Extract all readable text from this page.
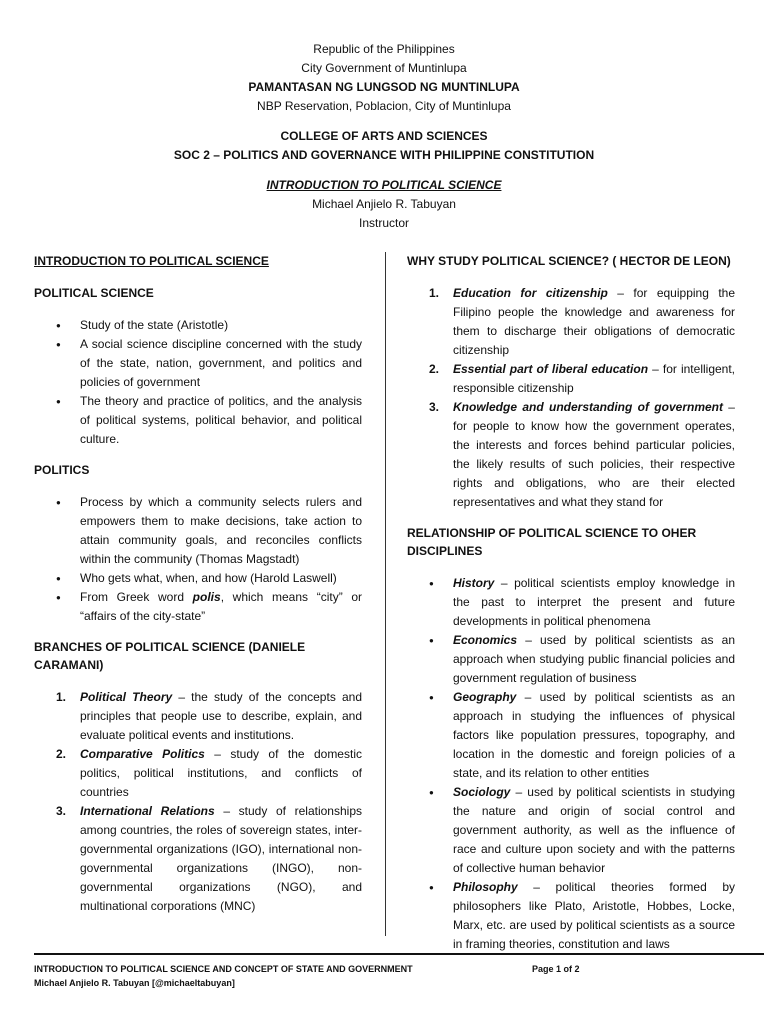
Republic of the Philippines
City Government of Muntinlupa
PAMANTASAN NG LUNGSOD NG MUNTINLUPA
NBP Reservation, Poblacion, City of Muntinlupa
COLLEGE OF ARTS AND SCIENCES
SOC 2 – POLITICS AND GOVERNANCE WITH PHILIPPINE CONSTITUTION
INTRODUCTION TO POLITICAL SCIENCE
Michael Anjielo R. Tabuyan
Instructor
INTRODUCTION TO POLITICAL SCIENCE
POLITICAL SCIENCE
● Study of the state (Aristotle)
● A social science discipline concerned with the study of the state, nation, government, and politics and policies of government
● The theory and practice of politics, and the analysis of political systems, political behavior, and political culture.
POLITICS
● Process by which a community selects rulers and empowers them to make decisions, take action to attain community goals, and reconciles conflicts within the community (Thomas Magstadt)
● Who gets what, when, and how (Harold Laswell)
● From Greek word polis, which means “city” or “affairs of the city-state”
BRANCHES OF POLITICAL SCIENCE (DANIELE CARAMANI)
1. Political Theory – the study of the concepts and principles that people use to describe, explain, and evaluate political events and institutions.
2. Comparative Politics – study of the domestic politics, political institutions, and conflicts of countries
3. International Relations – study of relationships among countries, the roles of sovereign states, inter-governmental organizations (IGO), international non-governmental organizations (INGO), non-governmental organizations (NGO), and multinational corporations (MNC)
WHY STUDY POLITICAL SCIENCE? ( HECTOR DE LEON)
1. Education for citizenship – for equipping the Filipino people the knowledge and awareness for them to discharge their obligations of democratic citizenship
2. Essential part of liberal education – for intelligent, responsible citizenship
3. Knowledge and understanding of government – for people to know how the government operates, the interests and forces behind particular policies, the likely results of such policies, their respective rights and obligations, who are their elected representatives and what they stand for
RELATIONSHIP OF POLITICAL SCIENCE TO OHER DISCIPLINES
● History – political scientists employ knowledge in the past to interpret the present and future developments in political phenomena
● Economics – used by political scientists as an approach when studying public financial policies and government regulation of business
● Geography – used by political scientists as an approach in studying the influences of physical factors like population pressures, topography, and location in the domestic and foreign policies of a state, and its relation to other entities
● Sociology – used by political scientists in studying the nature and origin of social control and government authority, as well as the influence of race and culture upon society and with the patterns of collective human behavior
● Philosophy – political theories formed by philosophers like Plato, Aristotle, Hobbes, Locke, Marx, etc. are used by political scientists as a source in framing theories, constitution and laws
INTRODUCTION TO POLITICAL SCIENCE AND CONCEPT OF STATE AND GOVERNMENT	Page 1 of 2
Michael Anjielo R. Tabuyan [@michaeltabuyan]
